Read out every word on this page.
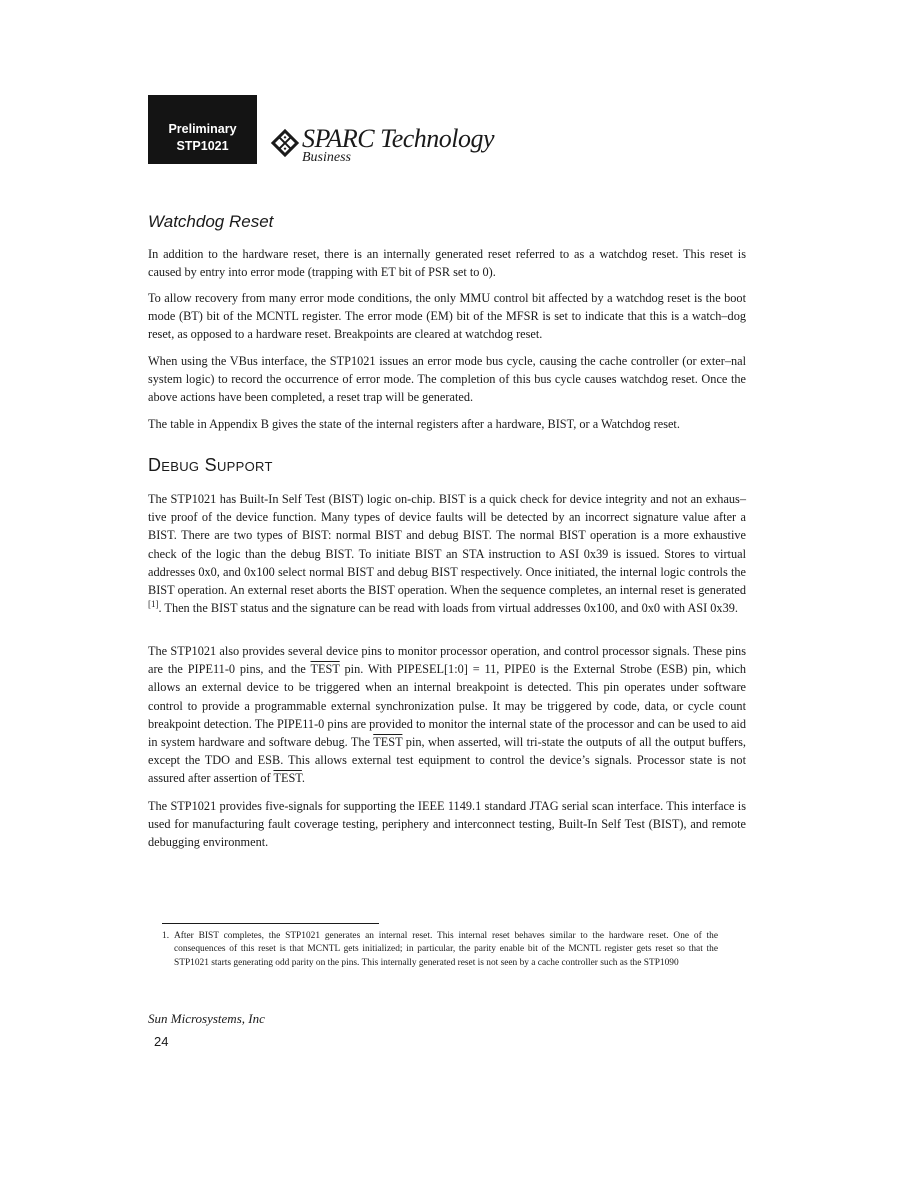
Preliminary
STP1021	SPARC Technology
Business
Watchdog Reset

In addition to the hardware reset, there is an internally generated reset referred to as a watchdog reset. This reset is caused by entry into error mode (trapping with ET bit of PSR set to 0).

To allow recovery from many error mode conditions, the only MMU control bit affected by a watchdog reset is the boot mode (BT) bit of the MCNTL register. The error mode (EM) bit of the MFSR is set to indicate that this is a watch–dog reset, as opposed to a hardware reset. Breakpoints are cleared at watchdog reset.

When using the VBus interface, the STP1021 issues an error mode bus cycle, causing the cache controller (or exter–nal system logic) to record the occurrence of error mode. The completion of this bus cycle causes watchdog reset. Once the above actions have been completed, a reset trap will be generated.

The table in Appendix B gives the state of the internal registers after a hardware, BIST, or a Watchdog reset.

Debug Support

The STP1021 has Built-In Self Test (BIST) logic on-chip. BIST is a quick check for device integrity and not an exhaus–tive proof of the device function. Many types of device faults will be detected by an incorrect signature value after a BIST. There are two types of BIST: normal BIST and debug BIST. The normal BIST operation is a more exhaustive check of the logic than the debug BIST. To initiate BIST an STA instruction to ASI 0x39 is issued. Stores to virtual addresses 0x0, and 0x100 select normal BIST and debug BIST respectively. Once initiated, the internal logic controls the BIST operation. An external reset aborts the BIST operation. When the sequence completes, an internal reset is generated [1]. Then the BIST status and the signature can be read with loads from virtual addresses 0x100, and 0x0 with ASI 0x39.

The STP1021 also provides several device pins to monitor processor operation, and control processor signals. These pins are the PIPE11-0 pins, and the TEST pin. With PIPESEL[1:0] = 11, PIPE0 is the External Strobe (ESB) pin, which allows an external device to be triggered when an internal breakpoint is detected. This pin operates under software control to provide a programmable external synchronization pulse. It may be triggered by code, data, or cycle count breakpoint detection. The PIPE11-0 pins are provided to monitor the internal state of the processor and can be used to aid in system hardware and software debug. The TEST pin, when asserted, will tri-state the outputs of all the output buffers, except the TDO and ESB. This allows external test equipment to control the device’s signals. Processor state is not assured after assertion of TEST.

The STP1021 provides five-signals for supporting the IEEE 1149.1 standard JTAG serial scan interface. This interface is used for manufacturing fault coverage testing, periphery and interconnect testing, Built-In Self Test (BIST), and remote debugging environment.

1. After BIST completes, the STP1021 generates an internal reset. This internal reset behaves similar to the hardware reset. One of the consequences of this reset is that MCNTL gets initialized; in particular, the parity enable bit of the MCNTL register gets reset so that the STP1021 starts generating odd parity on the pins. This internally generated reset is not seen by a cache controller such as the STP1090
Sun Microsystems, Inc
24
